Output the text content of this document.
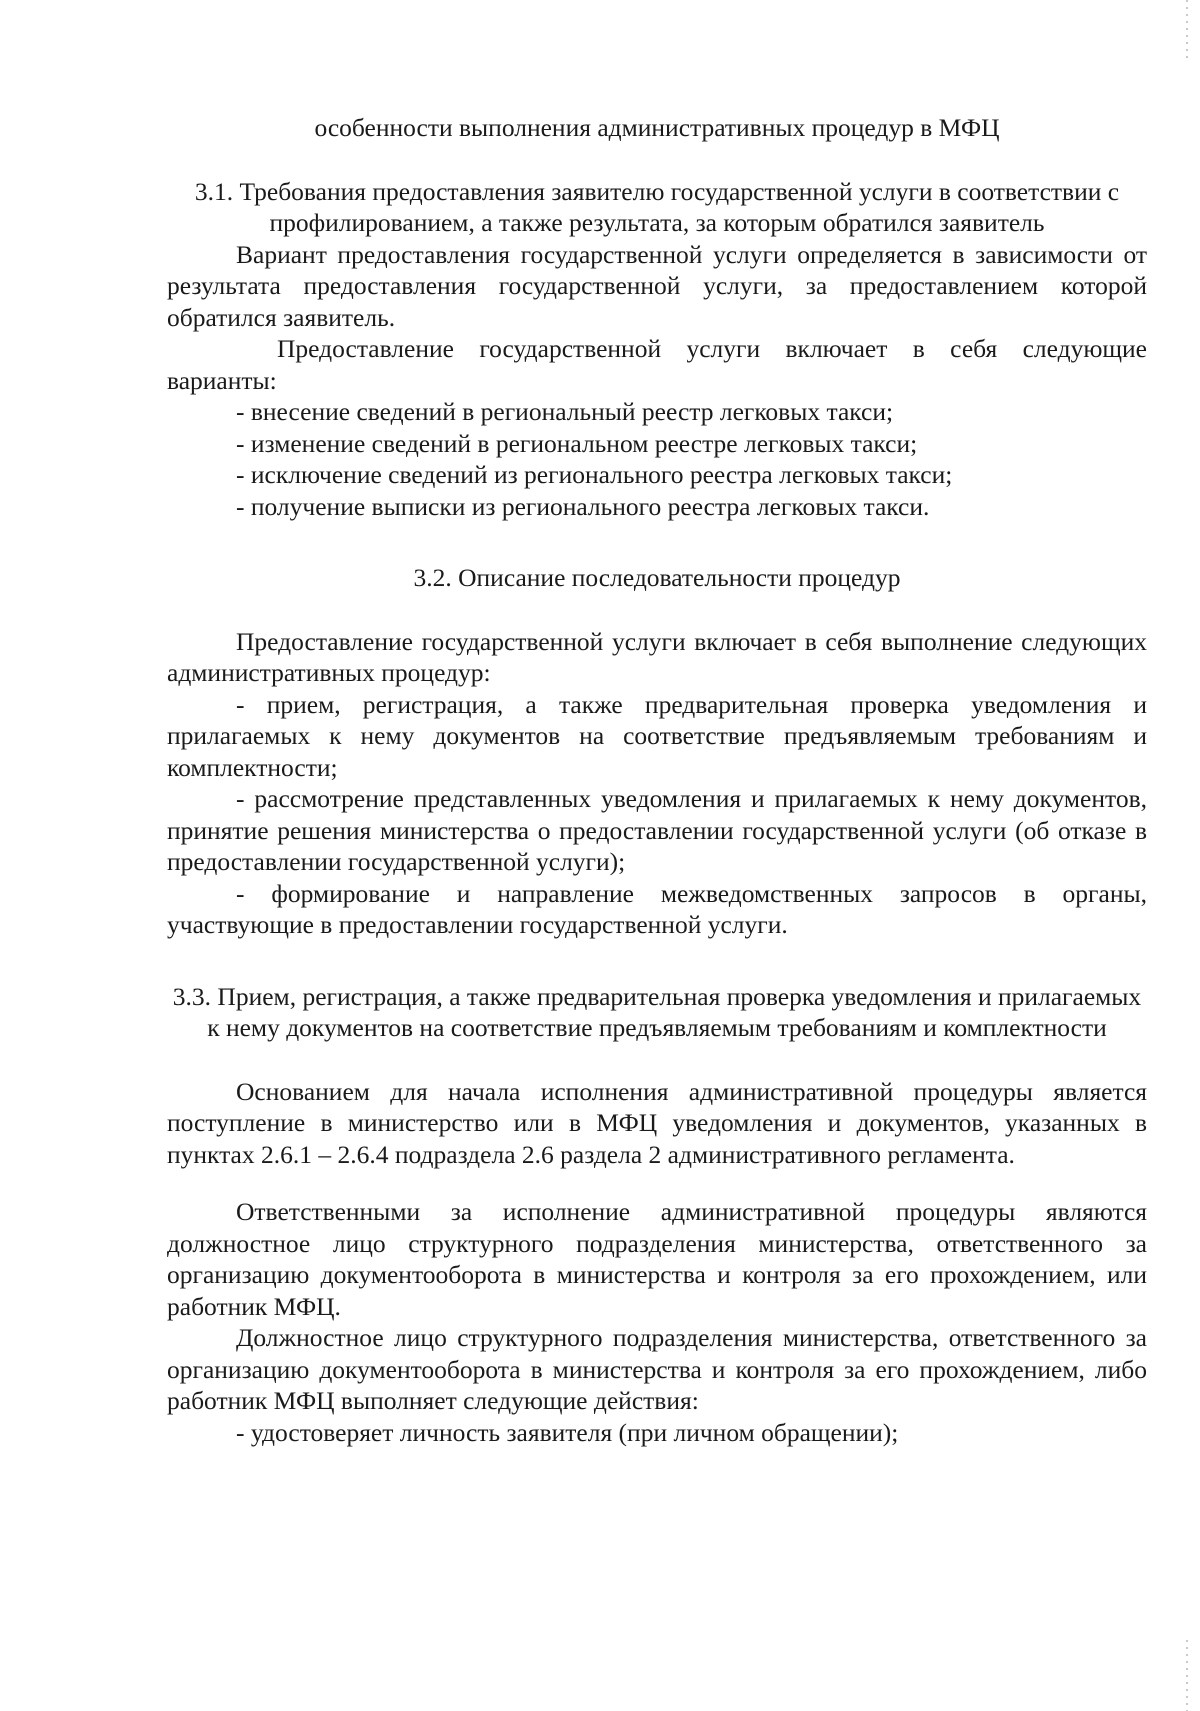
особенности выполнения административных процедур в МФЦ

3.1. Требования предоставления заявителю государственной услуги в соответствии с профилированием, а также результата, за которым обратился заявитель

Вариант предоставления государственной услуги определяется в зависимости от результата предоставления государственной услуги, за предоставлением которой обратился заявитель.

Предоставление государственной услуги включает в себя следующие варианты:

- внесение сведений в региональный реестр легковых такси;

- изменение сведений в региональном реестре легковых такси;

- исключение сведений из регионального реестра легковых такси;

- получение выписки из регионального реестра легковых такси.

3.2. Описание последовательности процедур

Предоставление государственной услуги включает в себя выполнение следующих административных процедур:

- прием, регистрация, а также предварительная проверка уведомления и прилагаемых к нему документов на соответствие предъявляемым требованиям и комплектности;

- рассмотрение представленных уведомления и прилагаемых к нему документов, принятие решения министерства о предоставлении государственной услуги (об отказе в предоставлении государственной услуги);

- формирование и направление межведомственных запросов в органы, участвующие в предоставлении государственной услуги.

3.3. Прием, регистрация, а также предварительная проверка уведомления и прилагаемых к нему документов на соответствие предъявляемым требованиям и комплектности

Основанием для начала исполнения административной процедуры является поступление в министерство или в МФЦ уведомления и документов, указанных в пунктах 2.6.1 – 2.6.4 подраздела 2.6 раздела 2 административного регламента.

Ответственными за исполнение административной процедуры являются должностное лицо структурного подразделения министерства, ответственного за организацию документооборота в министерства и контроля за его прохождением, или работник МФЦ.

Должностное лицо структурного подразделения министерства, ответственного за организацию документооборота в министерства и контроля за его прохождением, либо работник МФЦ выполняет следующие действия:

- удостоверяет личность заявителя (при личном обращении);
